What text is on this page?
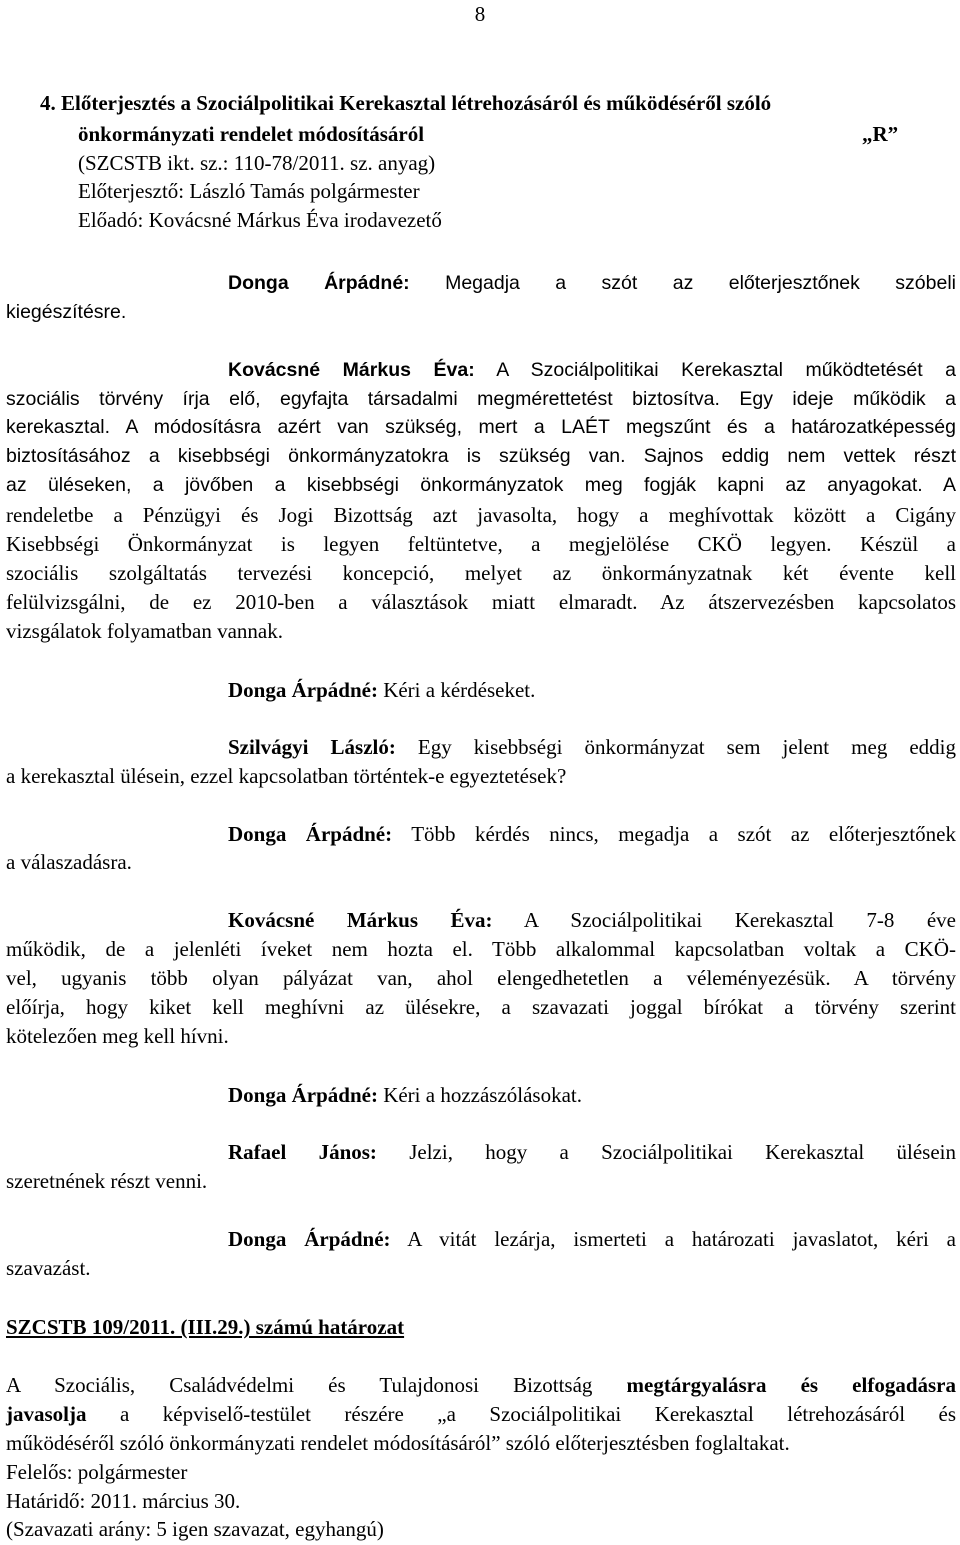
8
4. Előterjesztés a Szociálpolitikai Kerekasztal létrehozásáról és működéséről szóló
önkormányzati rendelet módosításáról	„R”
(SZCSTB ikt. sz.: 110-78/2011. sz. anyag)
Előterjesztő: László Tamás polgármester
Előadó: Kovácsné Márkus Éva irodavezető
Donga Árpádné: Megadja a szót az előterjesztőnek szóbeli
kiegészítésre.
Kovácsné Márkus Éva: A Szociálpolitikai Kerekasztal működtetését a
szociális törvény írja elő, egyfajta társadalmi megmérettetést biztosítva. Egy ideje működik a
kerekasztal. A módosításra azért van szükség, mert a LAÉT megszűnt és a határozatképesség
biztosításához a kisebbségi önkormányzatokra is szükség van. Sajnos eddig nem vettek részt
az üléseken, a jövőben a kisebbségi önkormányzatok meg fogják kapni az anyagokat. A
rendeletbe a Pénzügyi és Jogi Bizottság azt javasolta, hogy a meghívottak között a Cigány
Kisebbségi Önkormányzat is legyen feltüntetve, a megjelölése CKÖ legyen. Készül a
szociális szolgáltatás tervezési koncepció, melyet az önkormányzatnak két évente kell
felülvizsgálni, de ez 2010-ben a választások miatt elmaradt. Az átszervezésben kapcsolatos
vizsgálatok folyamatban vannak.
Donga Árpádné: Kéri a kérdéseket.
Szilvágyi László: Egy kisebbségi önkormányzat sem jelent meg eddig
a kerekasztal ülésein, ezzel kapcsolatban történtek-e egyeztetések?
Donga Árpádné: Több kérdés nincs, megadja a szót az előterjesztőnek
a válaszadásra.
Kovácsné Márkus Éva: A Szociálpolitikai Kerekasztal 7-8 éve
működik, de a jelenléti íveket nem hozta el. Több alkalommal kapcsolatban voltak a CKÖ-
vel, ugyanis több olyan pályázat van, ahol elengedhetetlen a véleményezésük. A törvény
előírja, hogy kiket kell meghívni az ülésekre, a szavazati joggal bírókat a törvény szerint
kötelezően meg kell hívni.
Donga Árpádné: Kéri a hozzászólásokat.
Rafael János: Jelzi, hogy a Szociálpolitikai Kerekasztal ülésein
szeretnének részt venni.
Donga Árpádné: A vitát lezárja, ismerteti a határozati javaslatot, kéri a
szavazást.
SZCSTB 109/2011. (III.29.) számú határozat
A Szociális, Családvédelmi és Tulajdonosi Bizottság megtárgyalásra és elfogadásra
javasolja a képviselő-testület részére „a Szociálpolitikai Kerekasztal létrehozásáról és
működéséről szóló önkormányzati rendelet módosításáról” szóló előterjesztésben foglaltakat.
Felelős: polgármester
Határidő: 2011. március 30.
(Szavazati arány: 5 igen szavazat, egyhangú)
